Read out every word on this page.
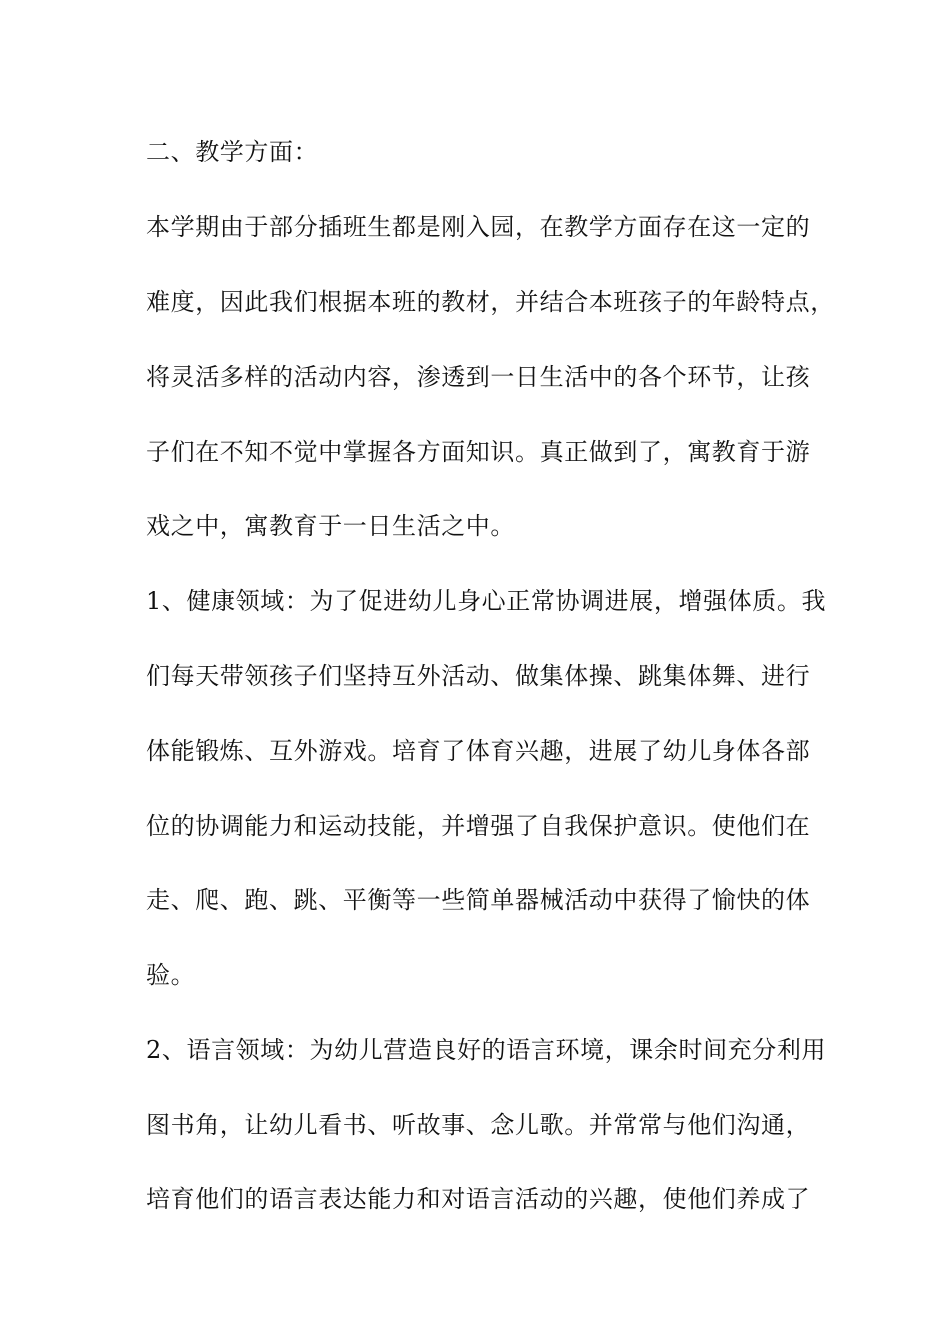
二、教学方面：

本学期由于部分插班生都是刚入园，在教学方面存在这一定的

难度，因此我们根据本班的教材，并结合本班孩子的年龄特点，

将灵活多样的活动内容，渗透到一日生活中的各个环节，让孩

子们在不知不觉中掌握各方面知识。真正做到了，寓教育于游

戏之中，寓教育于一日生活之中。

1、健康领域：为了促进幼儿身心正常协调进展，增强体质。我

们每天带领孩子们坚持互外活动、做集体操、跳集体舞、进行

体能锻炼、互外游戏。培育了体育兴趣，进展了幼儿身体各部

位的协调能力和运动技能，并增强了自我保护意识。使他们在

走、爬、跑、跳、平衡等一些简单器械活动中获得了愉快的体

验。

2、语言领域：为幼儿营造良好的语言环境，课余时间充分利用

图书角，让幼儿看书、听故事、念儿歌。并常常与他们沟通，

培育他们的语言表达能力和对语言活动的兴趣，使他们养成了
